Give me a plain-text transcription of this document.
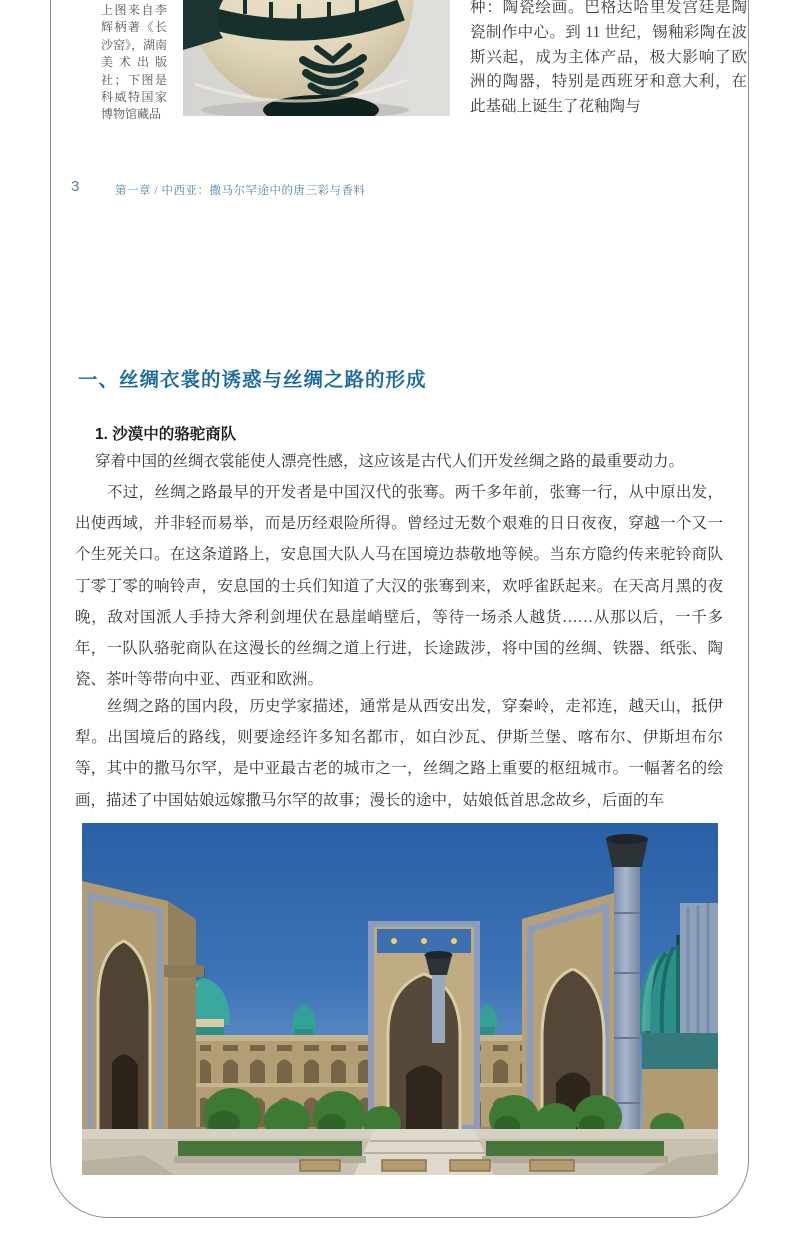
上图来自李辉柄著《长沙窑》，湖南美术出版社；下图是科威特国家博物馆藏品
种：陶瓷绘画。巴格达哈里发宫廷是陶瓷制作中心。到 11 世纪，锡釉彩陶在波斯兴起，成为主体产品，极大影响了欧洲的陶器，特别是西班牙和意大利，在此基础上诞生了花釉陶与
3	第一章 / 中西亚：撒马尔罕途中的唐三彩与香料
一、丝绸衣裳的诱惑与丝绸之路的形成
1. 沙漠中的骆驼商队
穿着中国的丝绸衣裳能使人漂亮性感，这应该是古代人们开发丝绸之路的最重要动力。
不过，丝绸之路最早的开发者是中国汉代的张骞。两千多年前，张骞一行，从中原出发，出使西域，并非轻而易举，而是历经艰险所得。曾经过无数个艰难的日日夜夜，穿越一个又一个生死关口。在这条道路上，安息国大队人马在国境边恭敬地等候。当东方隐约传来驼铃商队丁零丁零的响铃声，安息国的士兵们知道了大汉的张骞到来，欢呼雀跃起来。在天高月黑的夜晚，敌对国派人手持大斧利剑埋伏在悬崖峭壁后，等待一场杀人越货……从那以后，一千多年，一队队骆驼商队在这漫长的丝绸之道上行进，长途跋涉，将中国的丝绸、铁器、纸张、陶瓷、茶叶等带向中亚、西亚和欧洲。
丝绸之路的国内段，历史学家描述，通常是从西安出发，穿秦岭，走祁连，越天山，抵伊犁。出国境后的路线，则要途经许多知名都市，如白沙瓦、伊斯兰堡、喀布尔、伊斯坦布尔等，其中的撒马尔罕，是中亚最古老的城市之一，丝绸之路上重要的枢纽城市。一幅著名的绘画，描述了中国姑娘远嫁撒马尔罕的故事；漫长的途中，姑娘低首思念故乡，后面的车
